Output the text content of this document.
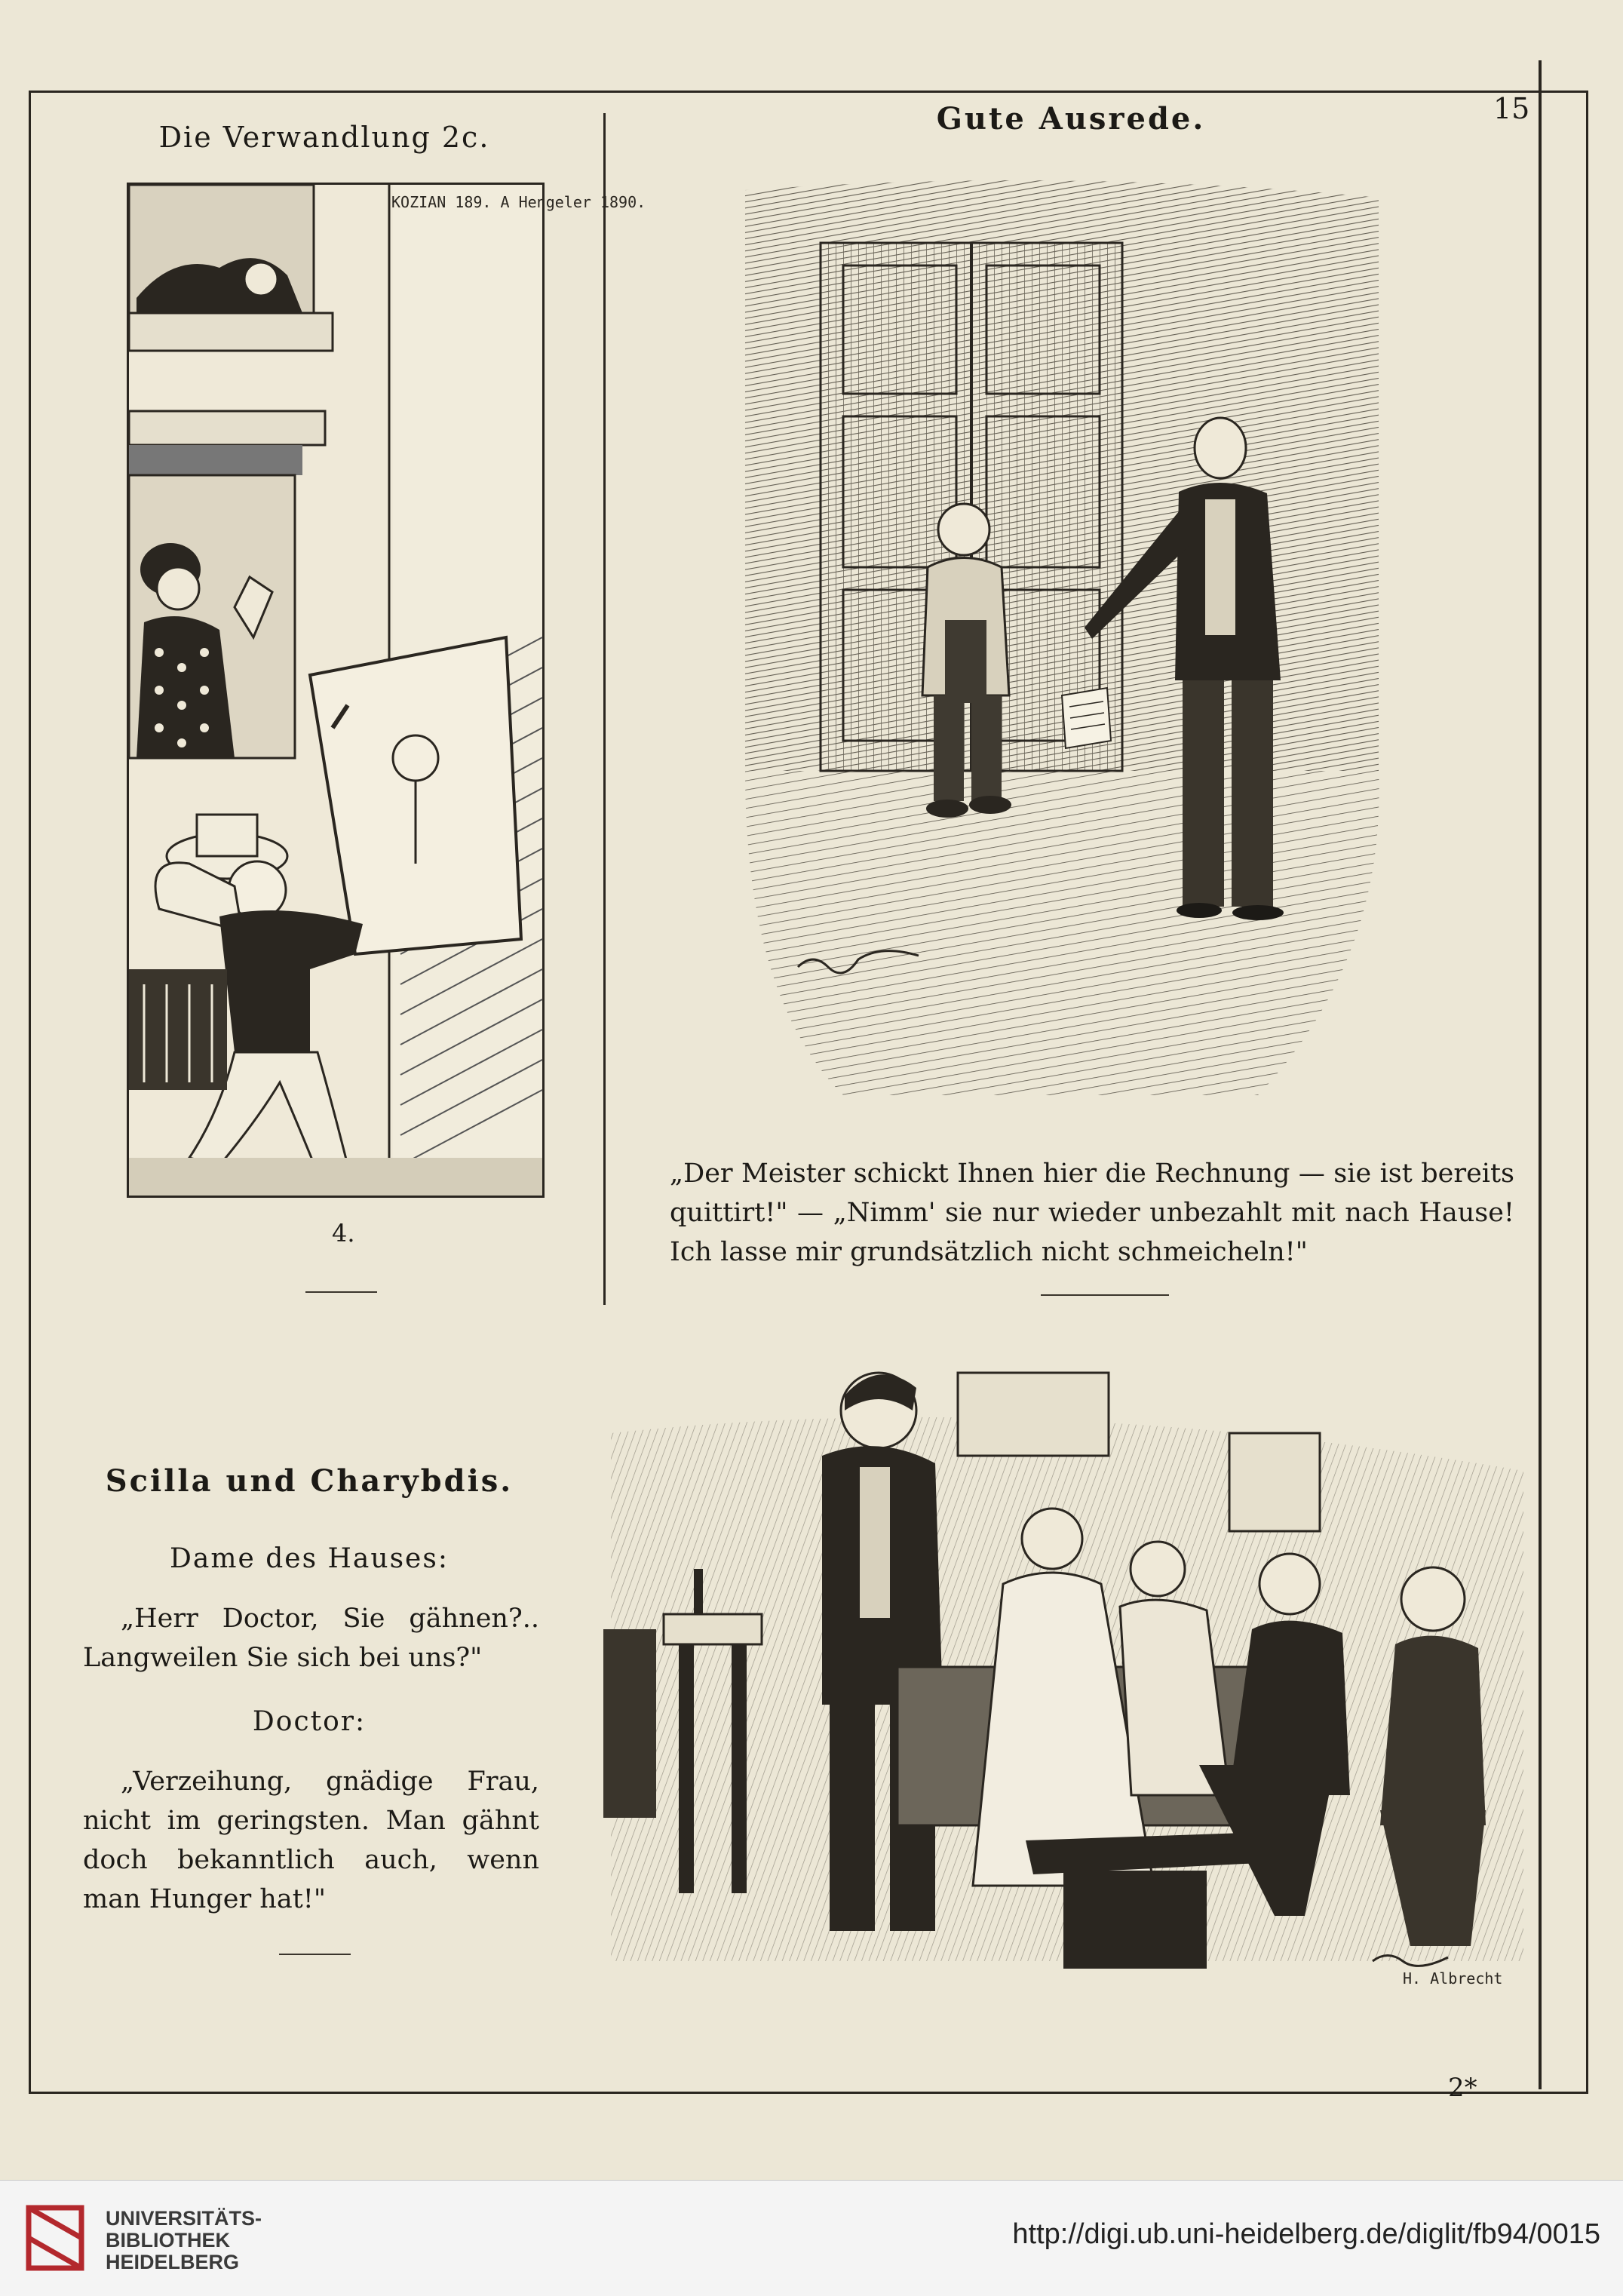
15
Die Verwandlung 2c.
KOZIAN 189. A Hengeler 1890.
4.
Gute Ausrede.
„Der Meister schickt Ihnen hier die Rechnung — sie ist bereits quittirt!" — „Nimm' sie nur wieder unbezahlt mit nach Hause! Ich lasse mir grundsätzlich nicht schmeicheln!"
Scilla und Charybdis.
Dame des Hauses:
„Herr Doctor, Sie gähnen?.. Langweilen Sie sich bei uns?"
Doctor:
„Verzeihung, gnädige Frau, nicht im geringsten. Man gähnt doch bekanntlich auch, wenn man Hunger hat!"
H. Albrecht
2*
UNIVERSITÄTS-
BIBLIOTHEK
HEIDELBERG
http://digi.ub.uni-heidelberg.de/diglit/fb94/0015
